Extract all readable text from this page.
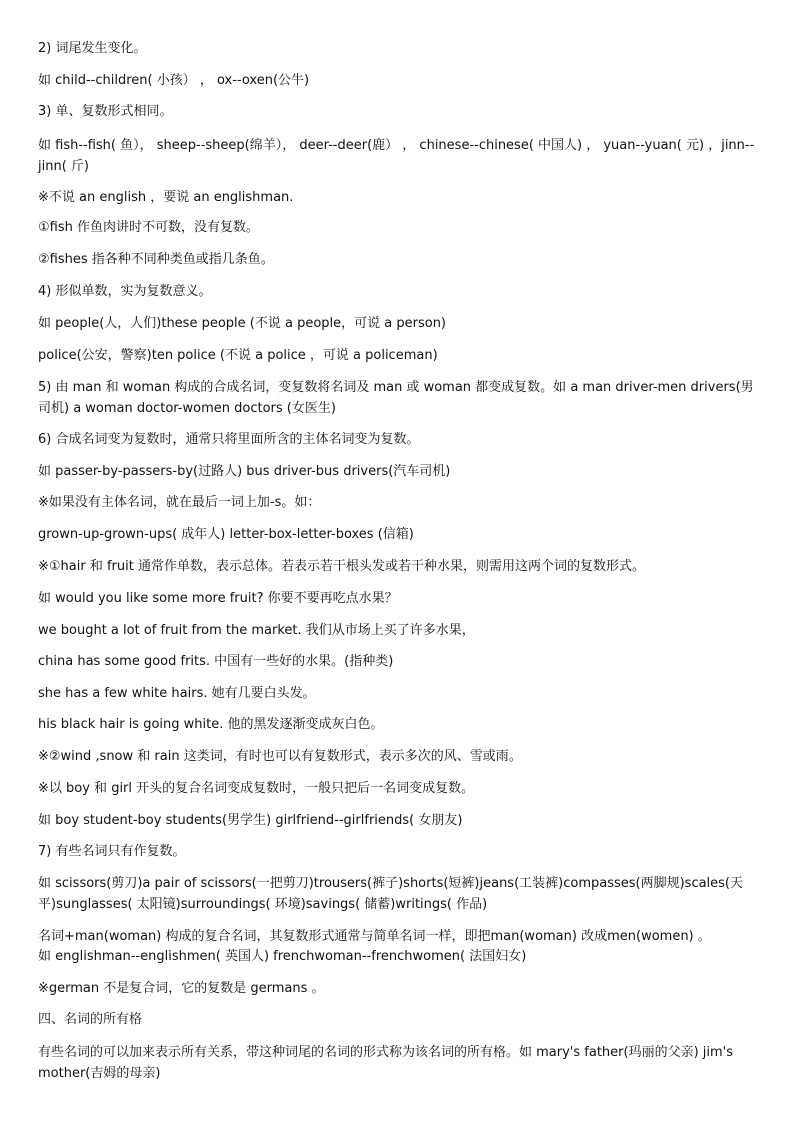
2) 词尾发生变化。
如 child--children( 小孩） ， ox--oxen(公牛)
3) 单、复数形式相同。
如 fish--fish( 鱼）， sheep--sheep(绵羊）， deer--deer(鹿） ， chinese--chinese( 中国人) ， yuan--yuan( 元) ，jinn--jinn( 斤)
※不说 an english ，要说 an englishman.
①fish 作鱼肉讲时不可数，没有复数。
②fishes 指各种不同种类鱼或指几条鱼。
4) 形似单数，实为复数意义。
如 people(人，人们)these people (不说 a people，可说 a person)
police(公安，警察)ten police (不说 a police ，可说 a policeman)
5) 由 man 和 woman 构成的合成名词，变复数将名词及 man 或 woman 都变成复数。如 a man driver-men drivers(男司机) a woman doctor-women doctors (女医生)
6) 合成名词变为复数时，通常只将里面所含的主体名词变为复数。
如 passer-by-passers-by(过路人) bus driver-bus drivers(汽车司机)
※如果没有主体名词，就在最后一词上加-s。如：
grown-up-grown-ups( 成年人) letter-box-letter-boxes (信箱)
※①hair 和 fruit 通常作单数，表示总体。若表示若干根头发或若干种水果，则需用这两个词的复数形式。
如 would you like some more fruit? 你要不要再吃点水果？
we bought a lot of fruit from the market. 我们从市场上买了许多水果，
china has some good frits. 中国有一些好的水果。(指种类)
she has a few white hairs. 她有几要白头发。
his black hair is going white. 他的黑发逐渐变成灰白色。
※②wind ,snow 和 rain 这类词，有时也可以有复数形式，表示多次的风、雪或雨。
※以 boy 和 girl 开头的复合名词变成复数时，一般只把后一名词变成复数。
如 boy student-boy students(男学生) girlfriend--girlfriends( 女朋友)
7) 有些名词只有作复数。
如 scissors(剪刀)a pair of scissors(一把剪刀)trousers(裤子)shorts(短裤)jeans(工装裤)compasses(两脚规)scales(天平)sunglasses( 太阳镜)surroundings( 环境)savings( 储蓄)writings( 作品)
名词+man(woman) 构成的复合名词，其复数形式通常与简单名词一样，即把man(woman) 改成men(women) 。
如 englishman--englishmen( 英国人) frenchwoman--frenchwomen( 法国妇女)
※german 不是复合词，它的复数是 germans 。
四、名词的所有格
有些名词的可以加来表示所有关系，带这种词尾的名词的形式称为该名词的所有格。如 mary's father(玛丽的父亲) jim's mother(吉姆的母亲)
